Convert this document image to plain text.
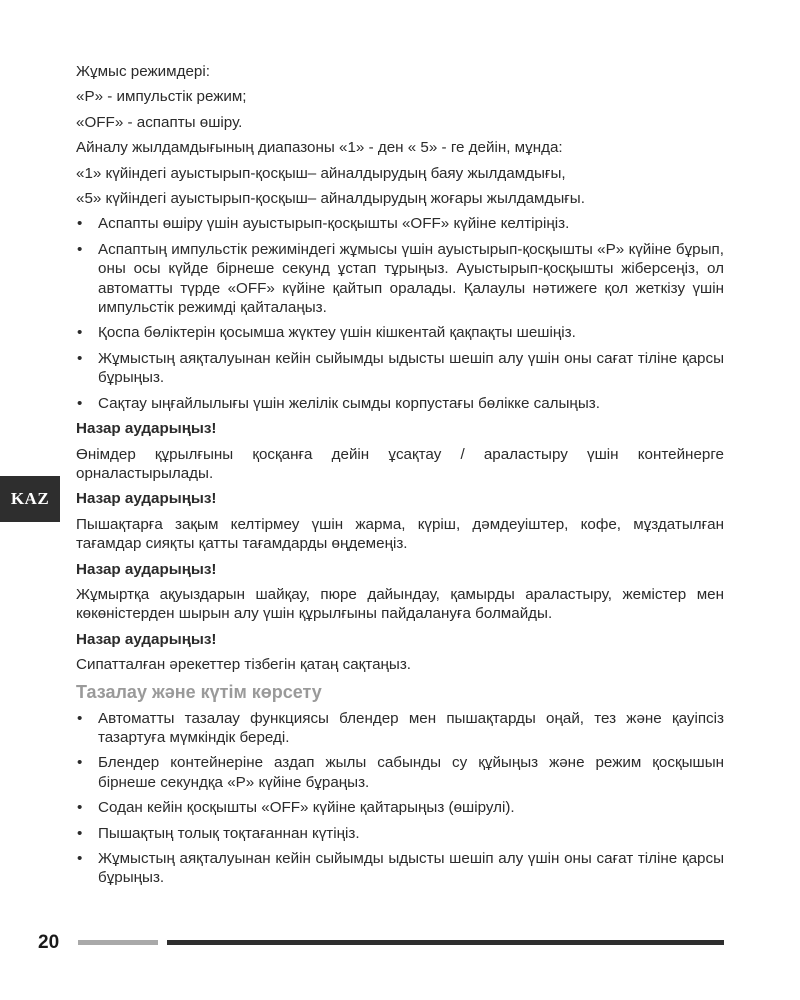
Жұмыс режимдері:
«P» - импульстік режим;
«OFF» - аспапты өшіру.
Айналу жылдамдығының диапазоны «1» - ден « 5» - ге дейін, мұнда:
«1» күйіндегі ауыстырып-қосқыш– айналдырудың баяу жылдамдығы,
«5» күйіндегі ауыстырып-қосқыш– айналдырудың жоғары жылдамдығы.
• Аспапты өшіру үшін ауыстырып-қосқышты «OFF» күйіне келтіріңіз.
• Аспаптың импульстік режиміндегі жұмысы үшін ауыстырып-қосқышты «P» күйіне бұрып, оны осы күйде бірнеше секунд ұстап тұрыңыз. Ауыстырып-қосқышты жіберсеңіз, ол автоматты түрде «OFF» күйіне қайтып оралады. Қалаулы нәтижеге қол жеткізу үшін импульстік режимді қайталаңыз.
• Қоспа бөліктерін қосымша жүктеу үшін кішкентай қақпақты шешіңіз.
• Жұмыстың аяқталуынан кейін сыйымды ыдысты шешіп алу үшін оны сағат тіліне қарсы бұрыңыз.
• Сақтау ыңғайлылығы үшін желілік сымды корпустағы бөлікке салыңыз.
Назар аударыңыз!
Өнімдер құрылғыны қосқанға дейін ұсақтау / араластыру үшін контейнерге орналастырылады.
Назар аударыңыз!
Пышақтарға зақым келтірмеу үшін жарма, күріш, дәмдеуіштер, кофе, мұздатылған тағамдар сияқты қатты тағамдарды өңдемеңіз.
Назар аударыңыз!
Жұмыртқа ақуыздарын шайқау, пюре дайындау, қамырды араластыру, жемістер мен көкөністерден шырын алу үшін құрылғыны пайдалануға болмайды.
Назар аударыңыз!
Сипатталған әрекеттер тізбегін қатаң сақтаңыз.
Тазалау және күтім көрсету
• Автоматты тазалау функциясы блендер мен пышақтарды оңай, тез және қауіпсіз тазартуға мүмкіндік береді.
• Блендер контейнеріне аздап жылы сабынды су құйыңыз және режим қосқышын бірнеше секундқа «P» күйіне бұраңыз.
• Содан кейін қосқышты «OFF» күйіне қайтарыңыз (өшірулі).
• Пышақтың толық тоқтағаннан күтіңіз.
• Жұмыстың аяқталуынан кейін сыйымды ыдысты шешіп алу үшін оны сағат тіліне қарсы бұрыңыз.
KAZ
20
